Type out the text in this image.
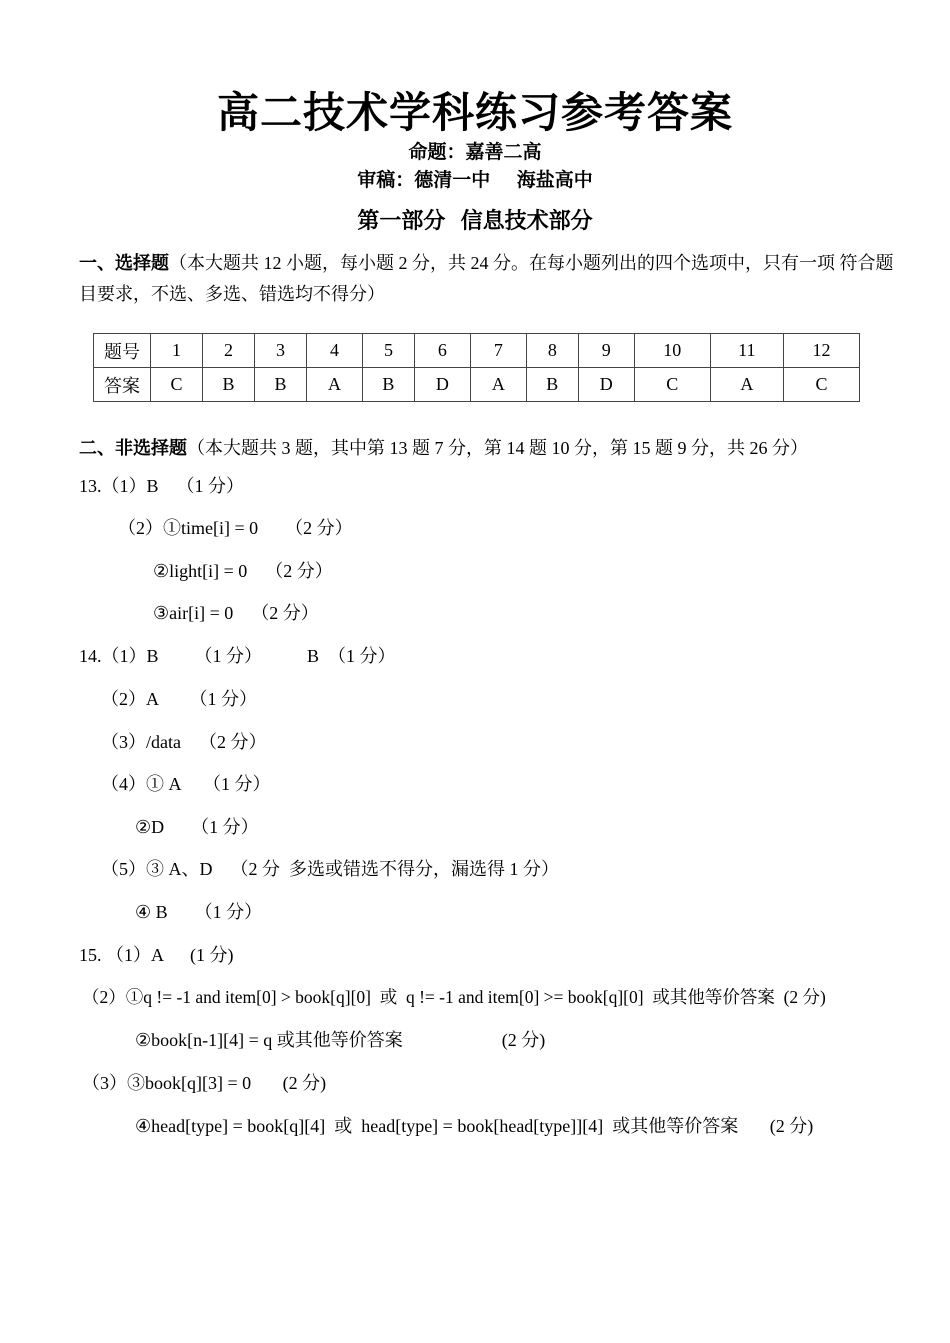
高二技术学科练习参考答案
命题：嘉善二高
审稿：德清一中    海盐高中
第一部分  信息技术部分
一、选择题（本大题共 12 小题，每小题 2 分，共 24 分。在每小题列出的四个选项中，只有一项 符合题目要求，不选、多选、错选均不得分）
题号	1	2	3	4	5	6	7	8	9	10	11	12
答案	C	B	B	A	B	D	A	B	D	C	A	C
二、非选择题（本大题共 3 题，其中第 13 题 7 分，第 14 题 10 分，第 15 题 9 分，共 26 分）
13.（1）B    （1 分）
（2）①time[i] = 0      （2 分）
②light[i] = 0    （2 分）
③air[i] = 0    （2 分）
14.（1）B        （1 分）          B  （1 分）
（2）A       （1 分）
（3）/data    （2 分）
（4）① A     （1 分）
②D      （1 分）
（5）③ A、D    （2 分  多选或错选不得分，漏选得 1 分）
④ B      （1 分）
15. （1）A      (1 分)
（2）①q != -1 and item[0] > book[q][0]  或  q != -1 and item[0] >= book[q][0]  或其他等价答案  (2 分)
②book[n-1][4] = q 或其他等价答案                      (2 分)
（3）③book[q][3] = 0       (2 分)
④head[type] = book[q][4]  或  head[type] = book[head[type]][4]  或其他等价答案       (2 分)
